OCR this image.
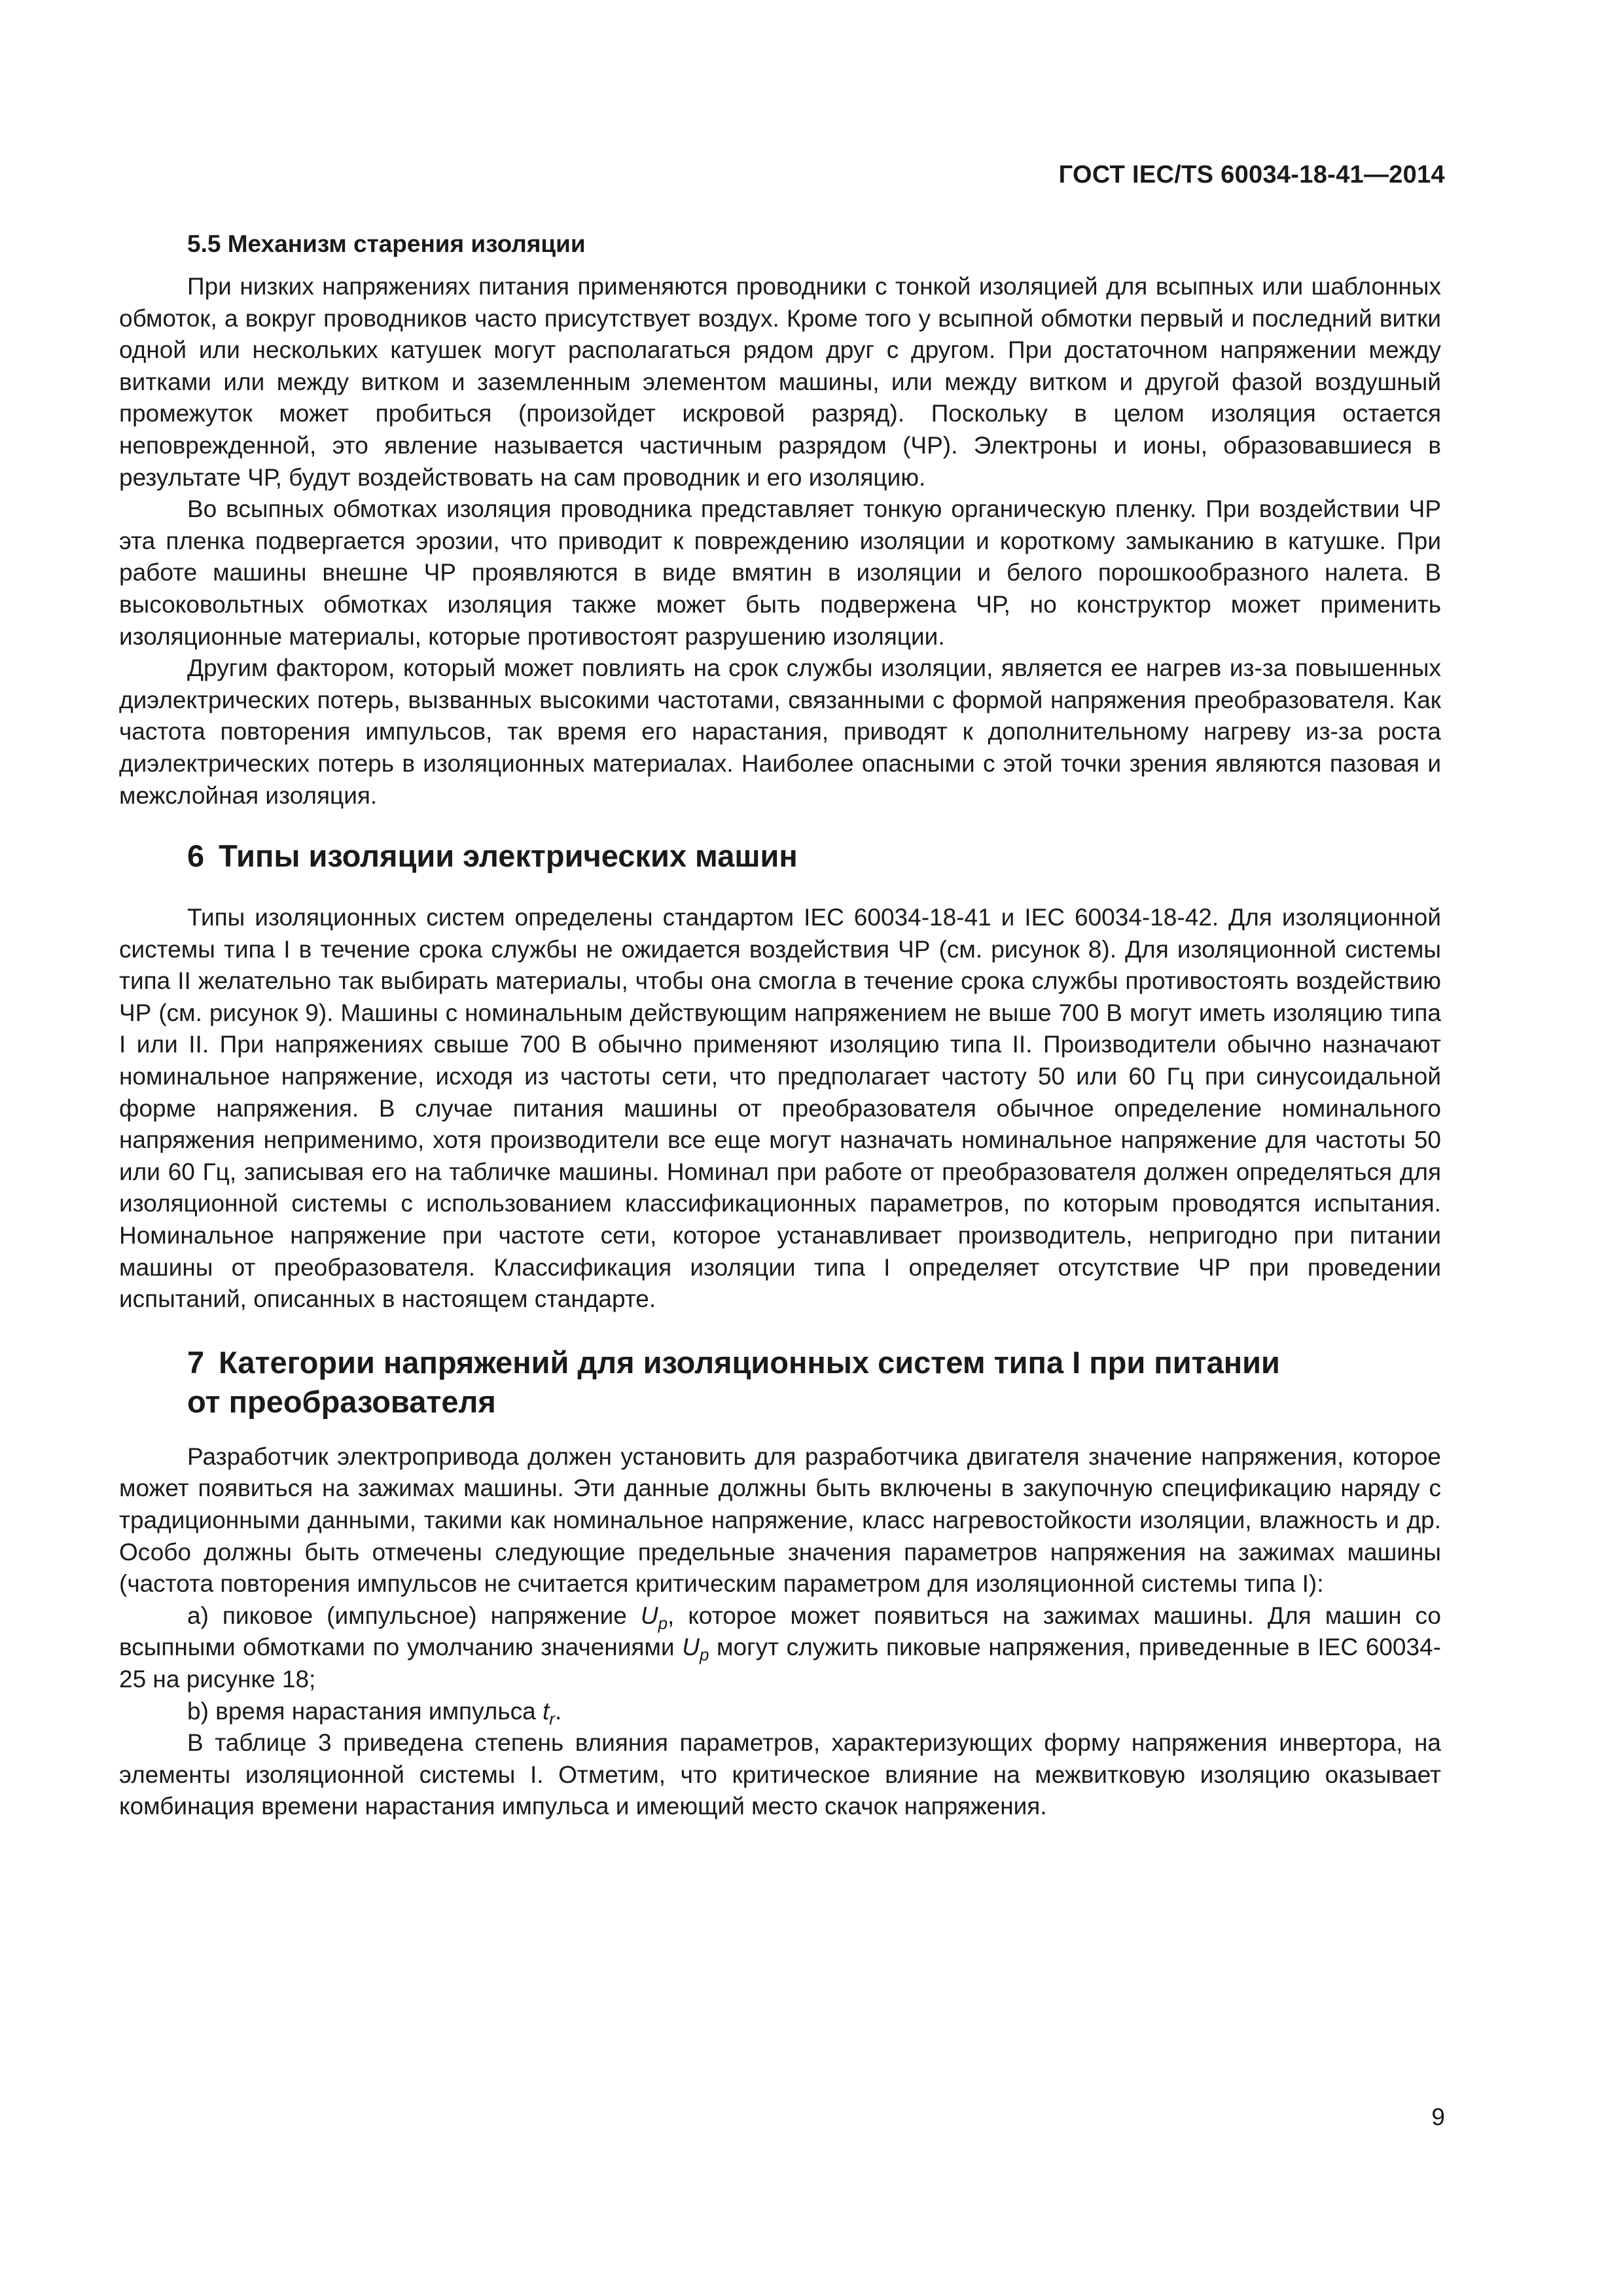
ГОСТ IEC/TS 60034-18-41—2014
5.5 Механизм старения изоляции

При низких напряжениях питания применяются проводники с тонкой изоляцией для всыпных или шаблонных обмоток, а вокруг проводников часто присутствует воздух. Кроме того у всыпной обмотки первый и последний витки одной или нескольких катушек могут располагаться рядом друг с другом. При достаточном напряжении между витками или между витком и заземленным элементом машины, или между витком и другой фазой воздушный промежуток может пробиться (произойдет искровой разряд). Поскольку в целом изоляция остается неповрежденной, это явление называется частичным разрядом (ЧР). Электроны и ионы, образовавшиеся в результате ЧР, будут воздействовать на сам проводник и его изоляцию.

Во всыпных обмотках изоляция проводника представляет тонкую органическую пленку. При воздействии ЧР эта пленка подвергается эрозии, что приводит к повреждению изоляции и короткому замыканию в катушке. При работе машины внешне ЧР проявляются в виде вмятин в изоляции и белого порошкообразного налета. В высоковольтных обмотках изоляция также может быть подвержена ЧР, но конструктор может применить изоляционные материалы, которые противостоят разрушению изоляции.

Другим фактором, который может повлиять на срок службы изоляции, является ее нагрев из-за повышенных диэлектрических потерь, вызванных высокими частотами, связанными с формой напряжения преобразователя. Как частота повторения импульсов, так время его нарастания, приводят к дополнительному нагреву из-за роста диэлектрических потерь в изоляционных материалах. Наиболее опасными с этой точки зрения являются пазовая и межслойная изоляция.

6 Типы изоляции электрических машин

Типы изоляционных систем определены стандартом IEC 60034-18-41 и IEC 60034-18-42. Для изоляционной системы типа I в течение срока службы не ожидается воздействия ЧР (см. рисунок 8). Для изоляционной системы типа II желательно так выбирать материалы, чтобы она смогла в течение срока службы противостоять воздействию ЧР (см. рисунок 9). Машины с номинальным действующим напряжением не выше 700 В могут иметь изоляцию типа I или II. При напряжениях свыше 700 В обычно применяют изоляцию типа II. Производители обычно назначают номинальное напряжение, исходя из частоты сети, что предполагает частоту 50 или 60 Гц при синусоидальной форме напряжения. В случае питания машины от преобразователя обычное определение номинального напряжения неприменимо, хотя производители все еще могут назначать номинальное напряжение для частоты 50 или 60 Гц, записывая его на табличке машины. Номинал при работе от преобразователя должен определяться для изоляционной системы с использованием классификационных параметров, по которым проводятся испытания. Номинальное напряжение при частоте сети, которое устанавливает производитель, непригодно при питании машины от преобразователя. Классификация изоляции типа I определяет отсутствие ЧР при проведении испытаний, описанных в настоящем стандарте.

7 Категории напряжений для изоляционных систем типа I при питании
от преобразователя

Разработчик электропривода должен установить для разработчика двигателя значение напряжения, которое может появиться на зажимах машины. Эти данные должны быть включены в закупочную спецификацию наряду с традиционными данными, такими как номинальное напряжение, класс нагревостойкости изоляции, влажность и др. Особо должны быть отмечены следующие предельные значения параметров напряжения на зажимах машины (частота повторения импульсов не считается критическим параметром для изоляционной системы типа I):

a) пиковое (импульсное) напряжение $U_p$, которое может появиться на зажимах машины. Для машин со всыпными обмотками по умолчанию значениями $U_p$ могут служить пиковые напряжения, приведенные в IEC 60034-25 на рисунке 18;

b) время нарастания импульса $t_r$.

В таблице 3 приведена степень влияния параметров, характеризующих форму напряжения инвертора, на элементы изоляционной системы I. Отметим, что критическое влияние на межвитковую изоляцию оказывает комбинация времени нарастания импульса и имеющий место скачок напряжения.

9
